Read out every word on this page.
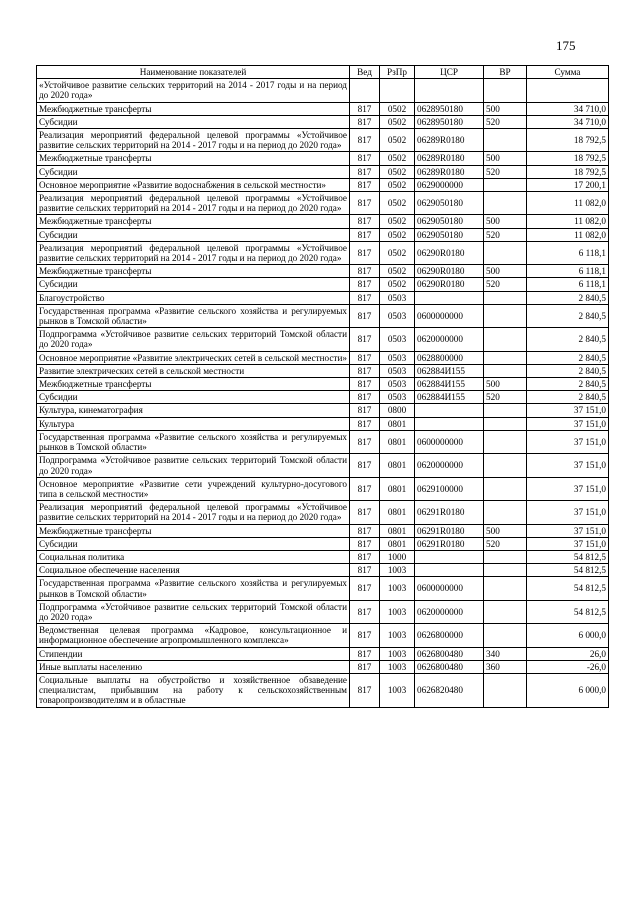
175
Наименование показателей	Вед	РзПр	ЦСР	ВР	Сумма
«Устойчивое развитие сельских территорий на 2014 - 2017 годы и на период до 2020 года»					
Межбюджетные трансферты	817	0502	0628950180	500	34 710,0
Субсидии	817	0502	0628950180	520	34 710,0
Реализация мероприятий федеральной целевой программы «Устойчивое развитие сельских территорий на 2014 - 2017 годы и на период до 2020 года»	817	0502	06289R0180		18 792,5
Межбюджетные трансферты	817	0502	06289R0180	500	18 792,5
Субсидии	817	0502	06289R0180	520	18 792,5
Основное мероприятие «Развитие водоснабжения в сельской местности»	817	0502	0629000000		17 200,1
Реализация мероприятий федеральной целевой программы «Устойчивое развитие сельских территорий на 2014 - 2017 годы и на период до 2020 года»	817	0502	0629050180		11 082,0
Межбюджетные трансферты	817	0502	0629050180	500	11 082,0
Субсидии	817	0502	0629050180	520	11 082,0
Реализация мероприятий федеральной целевой программы «Устойчивое развитие сельских территорий на 2014 - 2017 годы и на период до 2020 года»	817	0502	06290R0180		6 118,1
Межбюджетные трансферты	817	0502	06290R0180	500	6 118,1
Субсидии	817	0502	06290R0180	520	6 118,1
Благоустройство	817	0503			2 840,5
Государственная программа «Развитие сельского хозяйства и регулируемых рынков в Томской области»	817	0503	0600000000		2 840,5
Подпрограмма «Устойчивое развитие сельских территорий Томской области до 2020 года»	817	0503	0620000000		2 840,5
Основное мероприятие «Развитие электрических сетей в сельской местности»	817	0503	0628800000		2 840,5
Развитие электрических сетей в сельской местности	817	0503	062884И155		2 840,5
Межбюджетные трансферты	817	0503	062884И155	500	2 840,5
Субсидии	817	0503	062884И155	520	2 840,5
Культура, кинематография	817	0800			37 151,0
Культура	817	0801			37 151,0
Государственная программа «Развитие сельского хозяйства и регулируемых рынков в Томской области»	817	0801	0600000000		37 151,0
Подпрограмма «Устойчивое развитие сельских территорий Томской области до 2020 года»	817	0801	0620000000		37 151,0
Основное мероприятие «Развитие сети учреждений культурно-досугового типа в сельской местности»	817	0801	0629100000		37 151,0
Реализация мероприятий федеральной целевой программы «Устойчивое развитие сельских территорий на 2014 - 2017 годы и на период до 2020 года»	817	0801	06291R0180		37 151,0
Межбюджетные трансферты	817	0801	06291R0180	500	37 151,0
Субсидии	817	0801	06291R0180	520	37 151,0
Социальная политика	817	1000			54 812,5
Социальное обеспечение населения	817	1003			54 812,5
Государственная программа «Развитие сельского хозяйства и регулируемых рынков в Томской области»	817	1003	0600000000		54 812,5
Подпрограмма «Устойчивое развитие сельских территорий Томской области до 2020 года»	817	1003	0620000000		54 812,5
Ведомственная целевая программа «Кадровое, консультационное и информационное обеспечение агропромышленного комплекса»	817	1003	0626800000		6 000,0
Стипендии	817	1003	0626800480	340	26,0
Иные выплаты населению	817	1003	0626800480	360	-26,0
Социальные выплаты на обустройство и хозяйственное обзаведение специалистам, прибывшим на работу к сельскохозяйственным товаропроизводителям и в областные	817	1003	0626820480		6 000,0
